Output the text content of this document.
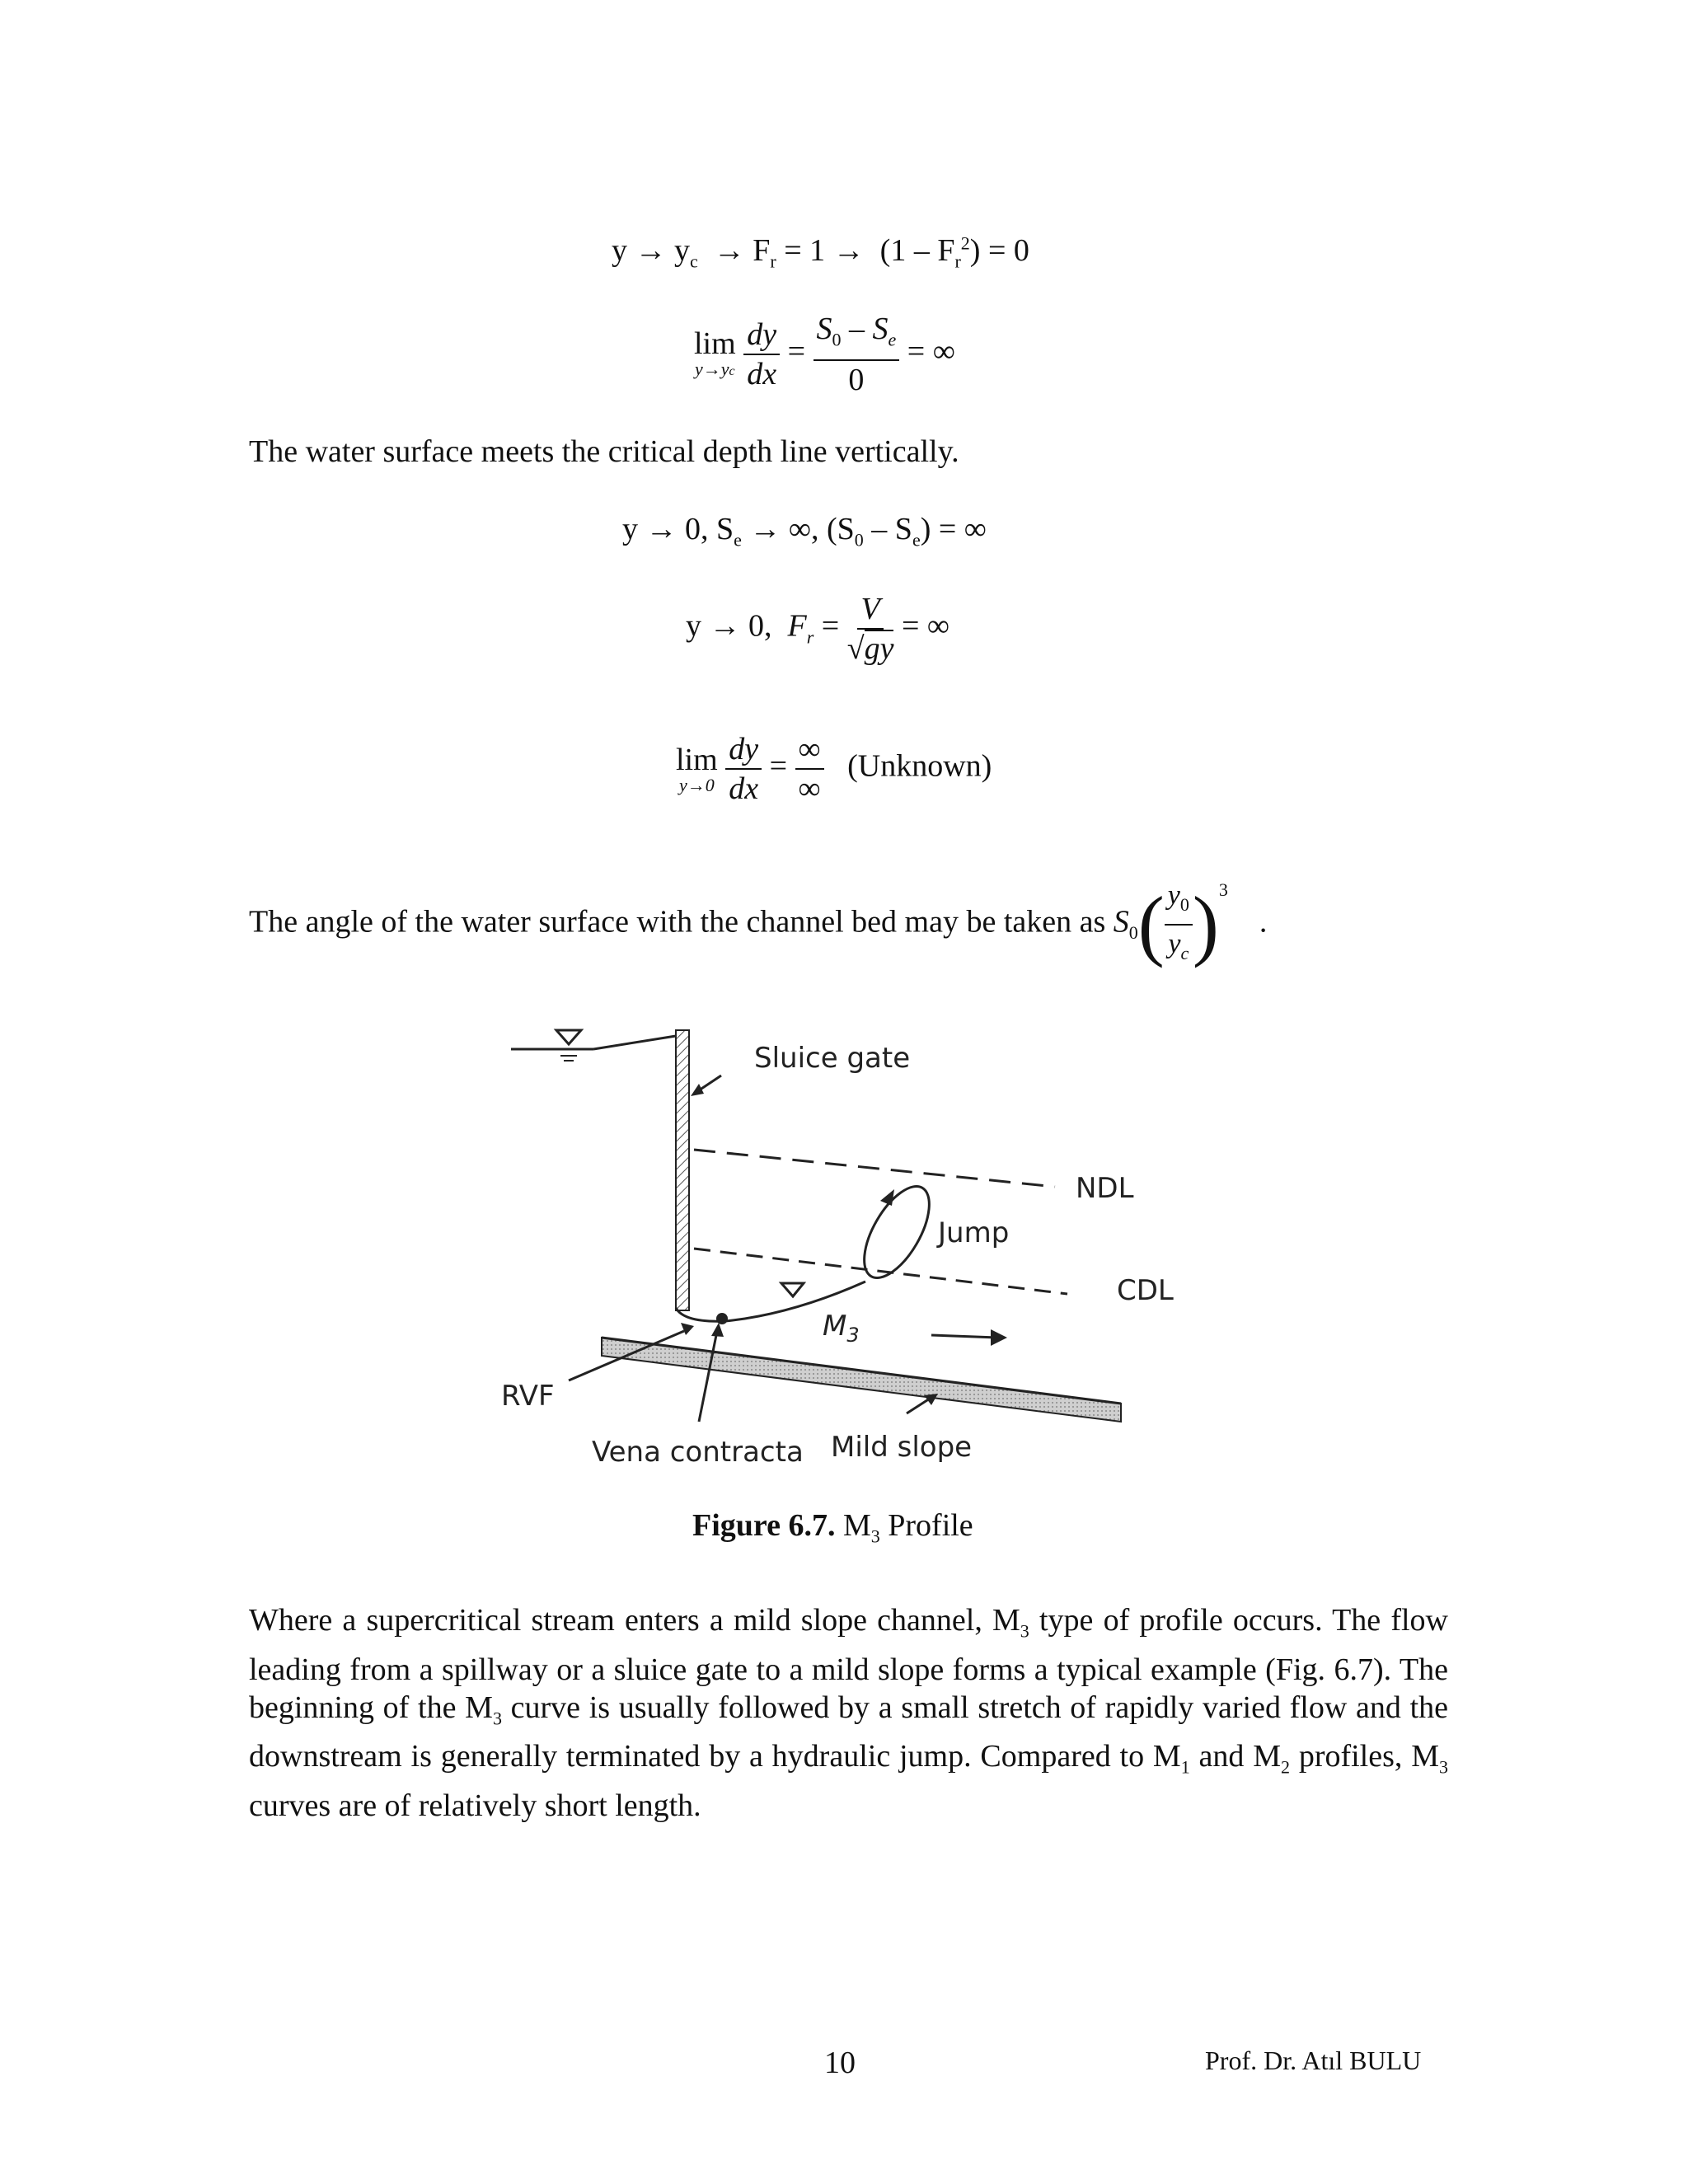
$y \to y_c \to F_r = 1 \to (1 - F_r^2) = 0$
lim
y→yc
$\frac{dy}{dx} = \frac{S_0 - S_e}{0}$ = ∞
The water surface meets the critical depth line vertically.
y → 0, $S_e$ → ∞, $(S_0 - S_e)$ = ∞
y → 0, $F_r = \frac{V}{√gy}$ = ∞
lim
y→0
$\frac{dy}{dx} = \frac{\infty}{\infty}$ (Unknown)
The angle of the water surface with the channel bed may be taken as $S_0( \frac{y_0}{y_c} )^3$    .
Sluice gate
NDL
Jump
CDL
$M_3$
RVF
Vena contracta Mild slope
Figure 6.7. $M_3$ Profile
Where a supercritical stream enters a mild slope channel, $M_3$ type of profile occurs. The flow leading from a spillway or a sluice gate to a mild slope forms a typical example (Fig. 6.7). The beginning of the $M_3$ curve is usually followed by a small stretch of rapidly varied flow and the downstream is generally terminated by a hydraulic jump. Compared to $M_1$ and $M_2$ profiles, $M_3$ curves are of relatively short length.
10	Prof. Dr. Atıl BULU
